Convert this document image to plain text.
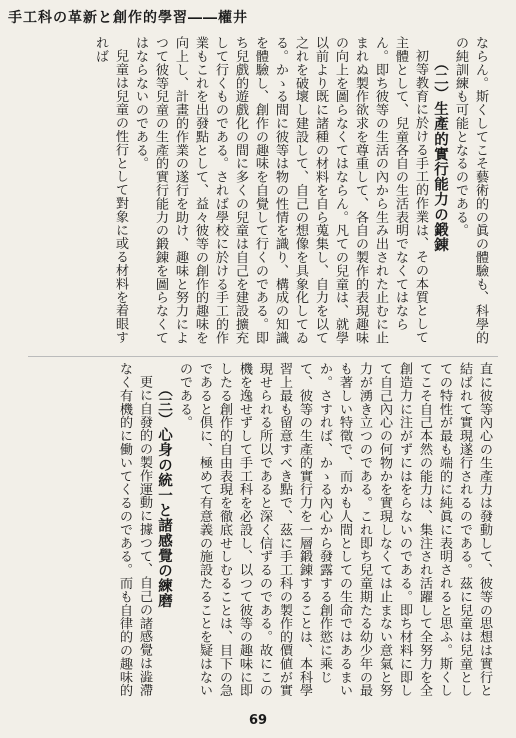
手工科の革新と創作的學習――權井

ならん。斯くしてこそ藝術的の眞の體驗も、科學的の純訓練も可能となるのである。

（二）生產的實行能力の鍛錬

初等教育に於ける手工的作業は、その本質として主體として、兒童各自の生活表明でなくてはならん。即ち彼等の生活の內から生み出された止むに止まれぬ製作欲求を尊重して、各自の製作的表現趣味の向上を圖らなくてはならん。凡ての兒童は、就學以前より既に諸種の材料を自ら蒐集し、自力を以て之れを破壞し建設して、自己の想像を具象化してゐる。かゝる間に彼等は物の性情を識り、構成の知識を體驗し、創作の趣味を自覺して行くのである。即ち兒戲的遊戲化の間に多くの兒童は自己を建設擴充して行くものである。されば學校に於ける手工的作業もこれを出發點として、益々彼等の創作的趣味を向上し、計畫的作業の遂行を助け、趣味と努力によつて彼等兒童の生產的實行能力の鍛錬を圖らなくてはならないのである。

兒童は兒童の性行として對象に或る材料を着眼すれば

直に彼等內心の生產力は發動して、彼等の思想は實行と結ばれて實現遂行されるのである。茲に兒童は兒童としての特性が最も端的に純眞に表明されると思ふ。斯くしてこそ自己本然の能力は、集注され活躍して全努力を全創造力に注がずにはをらないのである。即ち材料に即して自己內心の何物かを實現しなくては止まない意氣と努力が湧き立つのである。これ即ち兒童期たる幼少年の最も著しい特徵で、而かも人間としての生命ではあるまいか。さすれば、かゝる內心から發露する創作慾に乘じて、彼等の生產的實行力を一層鍛錬することは、本科學習上最も留意すべき點で、茲に手工科の製作的價値が實現せられる所以であると深く信ずるのである。故にこの機を逸せずして手工科を必設し、以つて彼等の趣味に即したる創作的自由表現を徹底せしむることは、目下の急であると倶に、極めて有意義の施設たることを疑はないのである。

（三）心身の統一と諸感覺の練磨

更に自發的の製作運動に據つて、自己の諸感覺は澁滯なく有機的に働いてくるのである。而も自律的の趣味的

69
